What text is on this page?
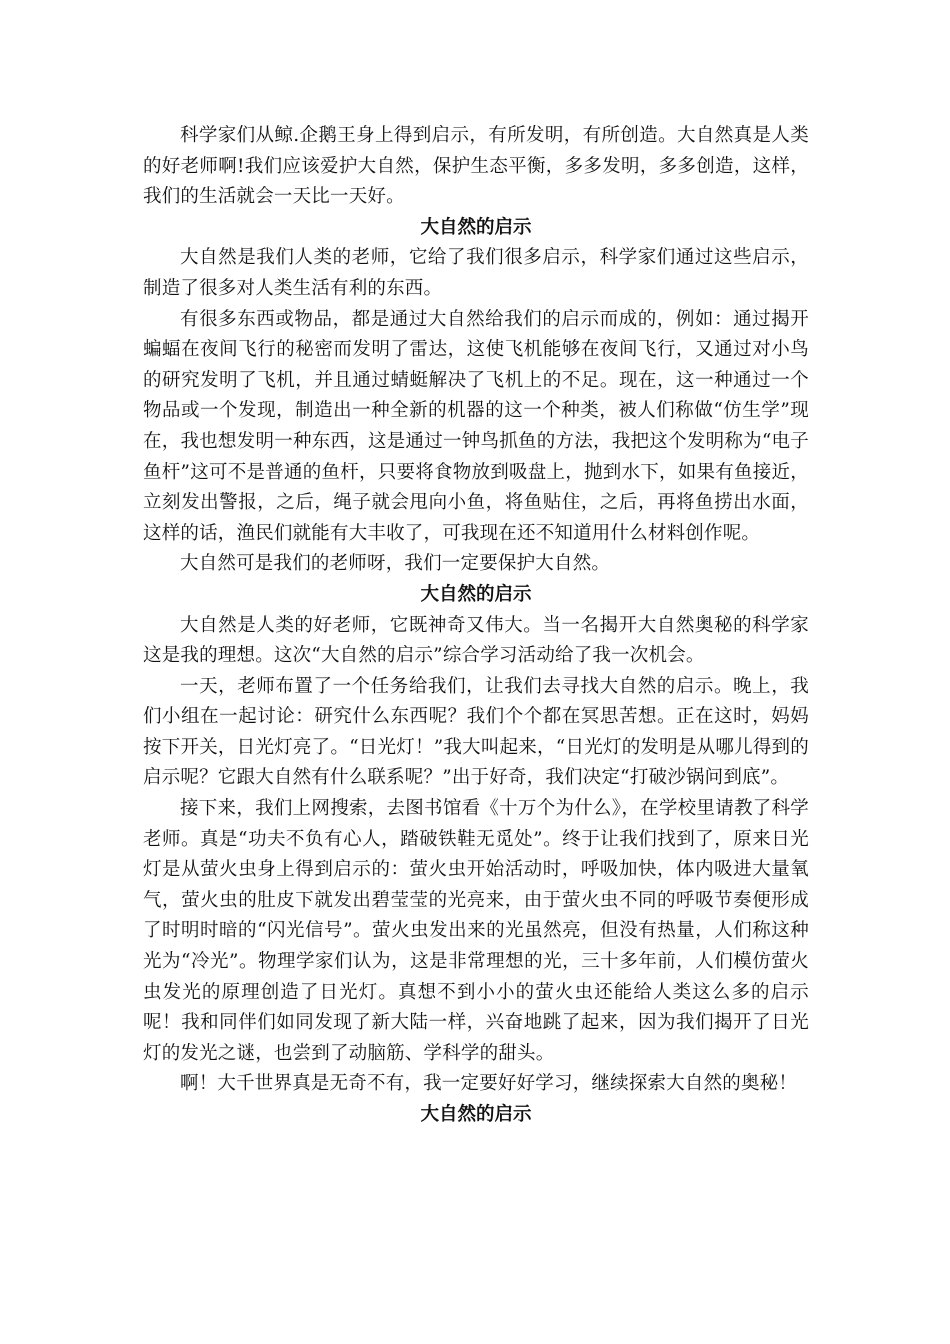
科学家们从鲸.企鹅王身上得到启示，有所发明，有所创造。大自然真是人类的好老师啊!我们应该爱护大自然，保护生态平衡，多多发明，多多创造，这样，我们的生活就会一天比一天好。

大自然的启示

大自然是我们人类的老师，它给了我们很多启示，科学家们通过这些启示，制造了很多对人类生活有利的东西。

有很多东西或物品，都是通过大自然给我们的启示而成的，例如：通过揭开蝙蝠在夜间飞行的秘密而发明了雷达，这使飞机能够在夜间飞行，又通过对小鸟的研究发明了飞机，并且通过蜻蜓解决了飞机上的不足。现在，这一种通过一个物品或一个发现，制造出一种全新的机器的这一个种类，被人们称做“仿生学”现在，我也想发明一种东西，这是通过一钟鸟抓鱼的方法，我把这个发明称为“电子鱼杆”这可不是普通的鱼杆，只要将食物放到吸盘上，抛到水下，如果有鱼接近，立刻发出警报，之后，绳子就会甩向小鱼，将鱼贴住，之后，再将鱼捞出水面，这样的话，渔民们就能有大丰收了，可我现在还不知道用什么材料创作呢。

大自然可是我们的老师呀，我们一定要保护大自然。

大自然的启示

大自然是人类的好老师，它既神奇又伟大。当一名揭开大自然奥秘的科学家这是我的理想。这次“大自然的启示”综合学习活动给了我一次机会。

一天，老师布置了一个任务给我们，让我们去寻找大自然的启示。晚上，我们小组在一起讨论：研究什么东西呢？我们个个都在冥思苦想。正在这时，妈妈按下开关，日光灯亮了。“日光灯！”我大叫起来，“日光灯的发明是从哪儿得到的启示呢？它跟大自然有什么联系呢？”出于好奇，我们决定“打破沙锅问到底”。

接下来，我们上网搜索，去图书馆看《十万个为什么》，在学校里请教了科学老师。真是“功夫不负有心人，踏破铁鞋无觅处”。终于让我们找到了，原来日光灯是从萤火虫身上得到启示的：萤火虫开始活动时，呼吸加快，体内吸进大量氧气，萤火虫的肚皮下就发出碧莹莹的光亮来，由于萤火虫不同的呼吸节奏便形成了时明时暗的“闪光信号”。萤火虫发出来的光虽然亮，但没有热量，人们称这种光为“冷光”。物理学家们认为，这是非常理想的光，三十多年前，人们模仿萤火虫发光的原理创造了日光灯。真想不到小小的萤火虫还能给人类这么多的启示呢！我和同伴们如同发现了新大陆一样，兴奋地跳了起来，因为我们揭开了日光灯的发光之谜，也尝到了动脑筋、学科学的甜头。

啊！大千世界真是无奇不有，我一定要好好学习，继续探索大自然的奥秘！

大自然的启示
